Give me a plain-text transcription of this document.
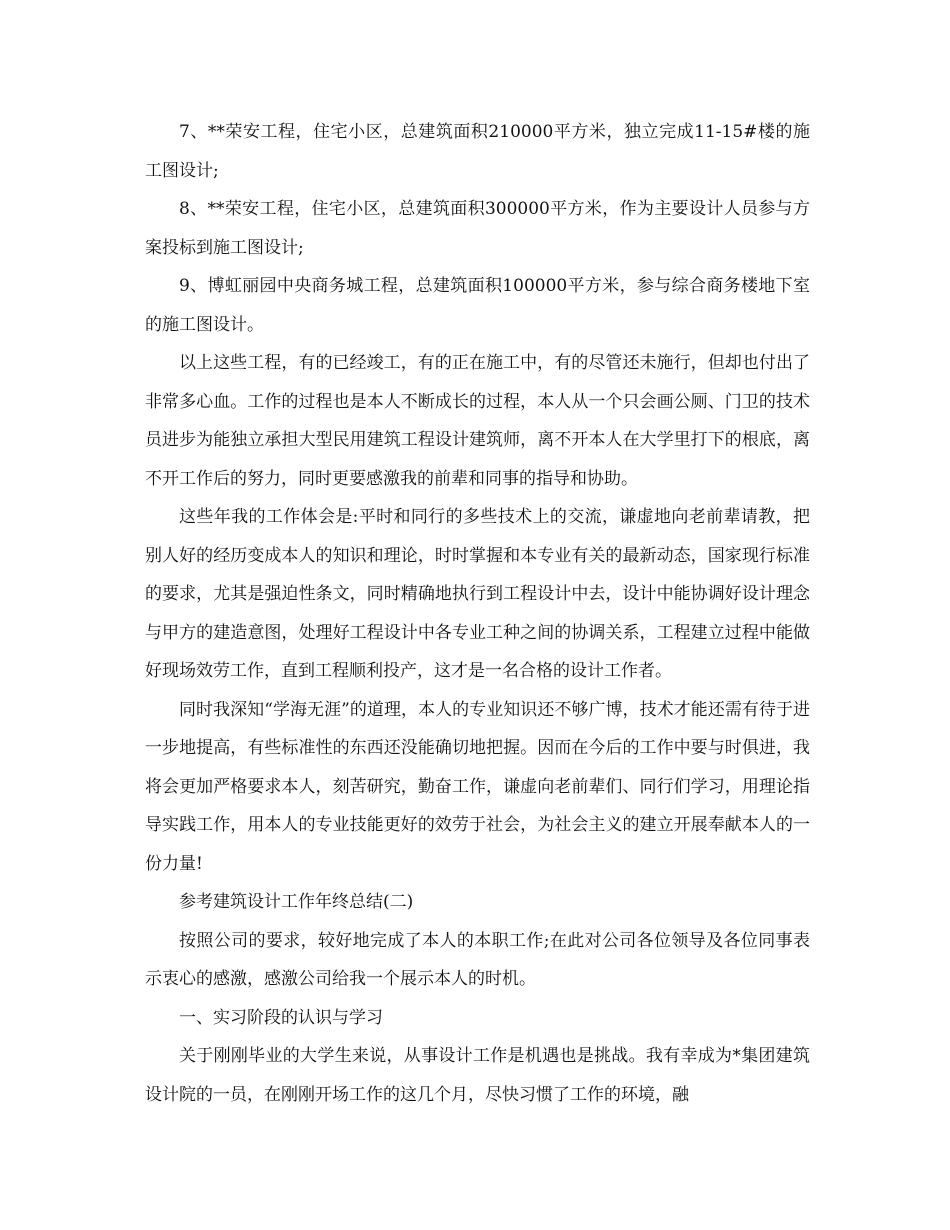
7、**荣安工程，住宅小区，总建筑面积210000平方米，独立完成11-15#楼的施工图设计;

8、**荣安工程，住宅小区，总建筑面积300000平方米，作为主要设计人员参与方案投标到施工图设计;

9、博虹丽园中央商务城工程，总建筑面积100000平方米，参与综合商务楼地下室的施工图设计。

以上这些工程，有的已经竣工，有的正在施工中，有的尽管还未施行，但却也付出了非常多心血。工作的过程也是本人不断成长的过程，本人从一个只会画公厕、门卫的技术员进步为能独立承担大型民用建筑工程设计建筑师，离不开本人在大学里打下的根底，离不开工作后的努力，同时更要感激我的前辈和同事的指导和协助。

这些年我的工作体会是:平时和同行的多些技术上的交流，谦虚地向老前辈请教，把别人好的经历变成本人的知识和理论，时时掌握和本专业有关的最新动态，国家现行标准的要求，尤其是强迫性条文，同时精确地执行到工程设计中去，设计中能协调好设计理念与甲方的建造意图，处理好工程设计中各专业工种之间的协调关系，工程建立过程中能做好现场效劳工作，直到工程顺利投产，这才是一名合格的设计工作者。

同时我深知“学海无涯”的道理，本人的专业知识还不够广博，技术才能还需有待于进一步地提高，有些标准性的东西还没能确切地把握。因而在今后的工作中要与时俱进，我将会更加严格要求本人，刻苦研究，勤奋工作，谦虚向老前辈们、同行们学习，用理论指导实践工作，用本人的专业技能更好的效劳于社会，为社会主义的建立开展奉献本人的一份力量!

参考建筑设计工作年终总结(二)

按照公司的要求，较好地完成了本人的本职工作;在此对公司各位领导及各位同事表示衷心的感激，感激公司给我一个展示本人的时机。

一、实习阶段的认识与学习

关于刚刚毕业的大学生来说，从事设计工作是机遇也是挑战。我有幸成为*集团建筑设计院的一员，在刚刚开场工作的这几个月，尽快习惯了工作的环境，融
